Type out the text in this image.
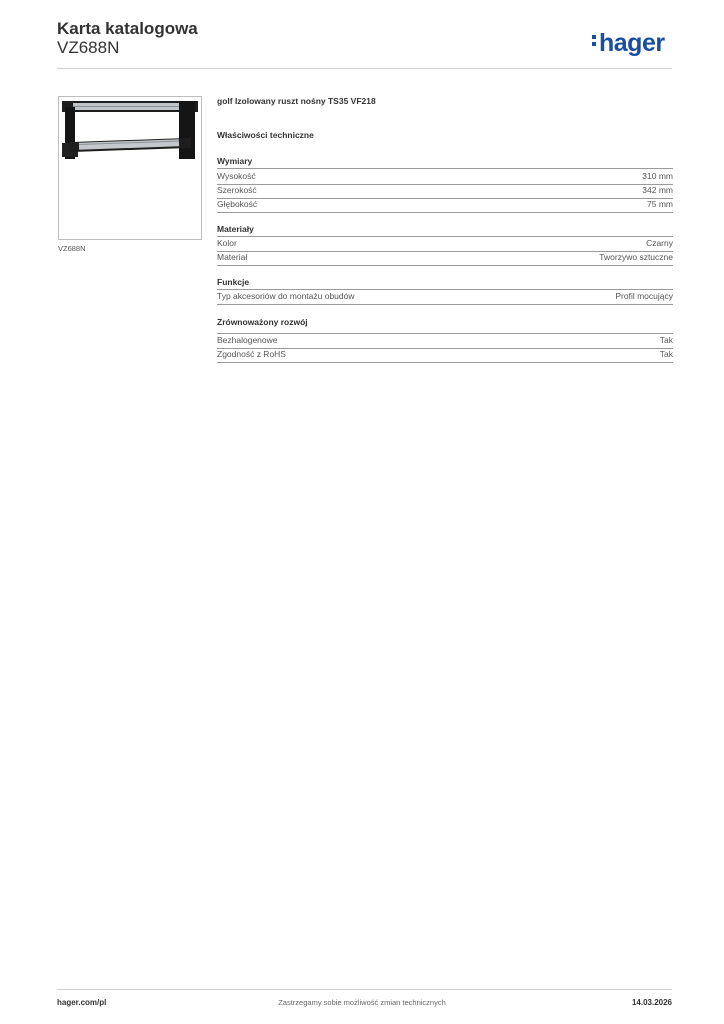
Karta katalogowa
VZ688N	hager
VZ688N
golf Izolowany ruszt nośny TS35 VF218
Właściwości techniczne
Wymiary
Wysokość	310 mm
Szerokość	342 mm
Głębokość	75 mm
Materiały
Kolor	Czarny
Materiał	Tworzywo sztuczne
Funkcje
Typ akcesoriów do montażu obudów	Profil mocujący
Zrównoważony rozwój
Bezhalogenowe	Tak
Zgodność z RoHS	Tak
hager.com/pl	Zastrzegamy sobie możliwość zmian technicznych	14.03.2026
